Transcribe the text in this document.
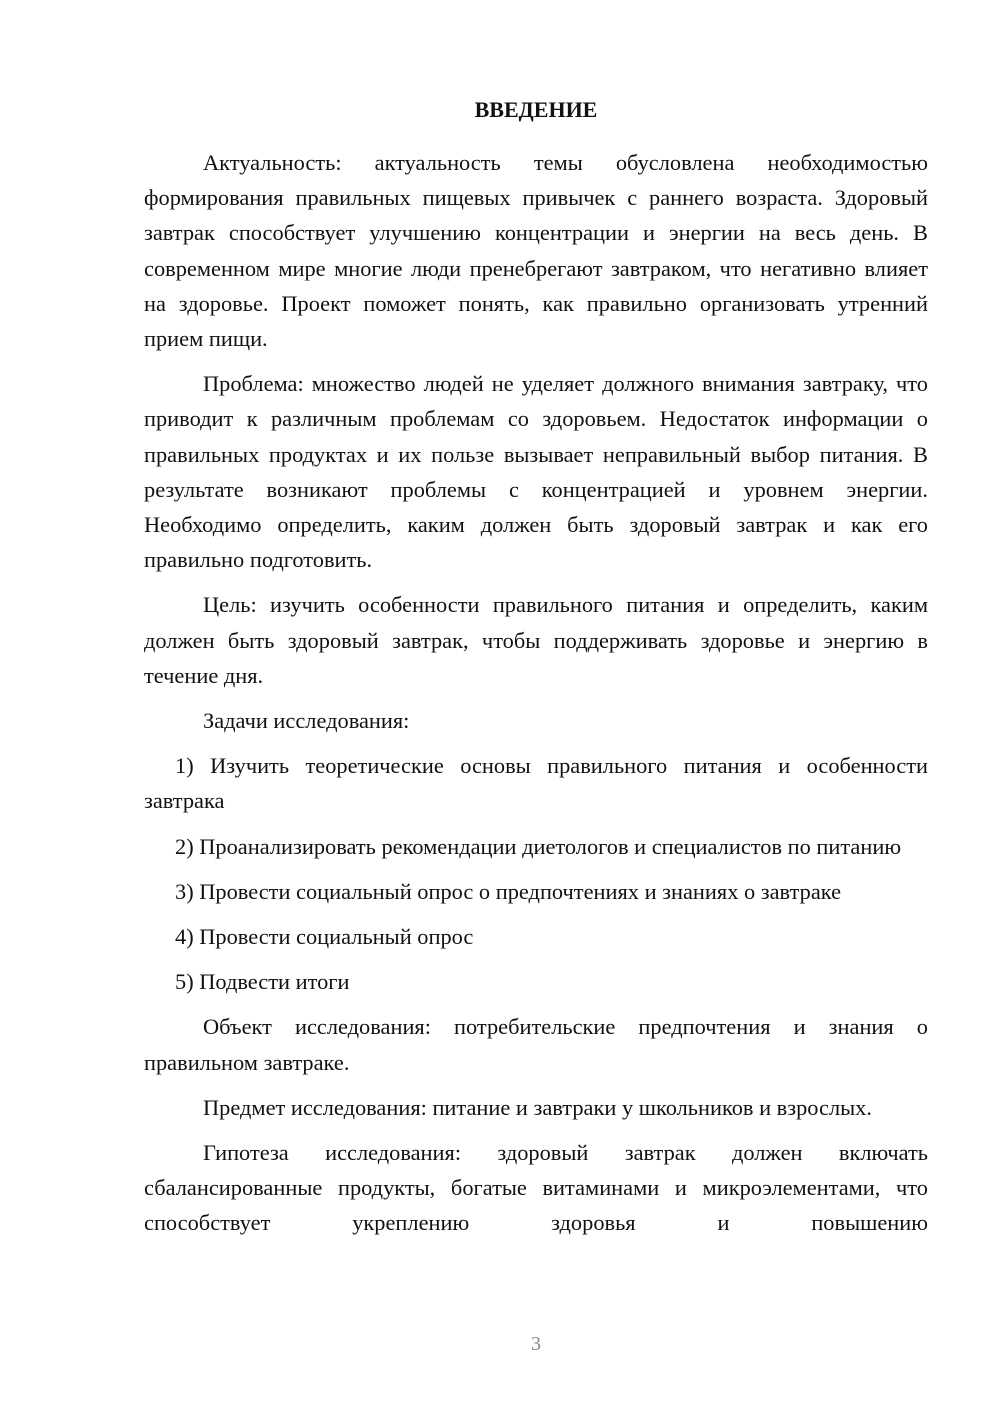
ВВЕДЕНИЕ

Актуальность: актуальность темы обусловлена необходимостью формирования правильных пищевых привычек с раннего возраста. Здоровый завтрак способствует улучшению концентрации и энергии на весь день. В современном мире многие люди пренебрегают завтраком, что негативно влияет на здоровье. Проект поможет понять, как правильно организовать утренний прием пищи.

Проблема: множество людей не уделяет должного внимания завтраку, что приводит к различным проблемам со здоровьем. Недостаток информации о правильных продуктах и их пользе вызывает неправильный выбор питания. В результате возникают проблемы с концентрацией и уровнем энергии. Необходимо определить, каким должен быть здоровый завтрак и как его правильно подготовить.

Цель: изучить особенности правильного питания и определить, каким должен быть здоровый завтрак, чтобы поддерживать здоровье и энергию в течение дня.

Задачи исследования:

1) Изучить теоретические основы правильного питания и особенности завтрака

2) Проанализировать рекомендации диетологов и специалистов по питанию

3) Провести социальный опрос о предпочтениях и знаниях о завтраке

4) Провести социальный опрос

5) Подвести итоги

Объект исследования: потребительские предпочтения и знания о правильном завтраке.

Предмет исследования: питание и завтраки у школьников и взрослых.

Гипотеза исследования: здоровый завтрак должен включать сбалансированные продукты, богатые витаминами и микроэлементами, что способствует укреплению здоровья и повышению

3
